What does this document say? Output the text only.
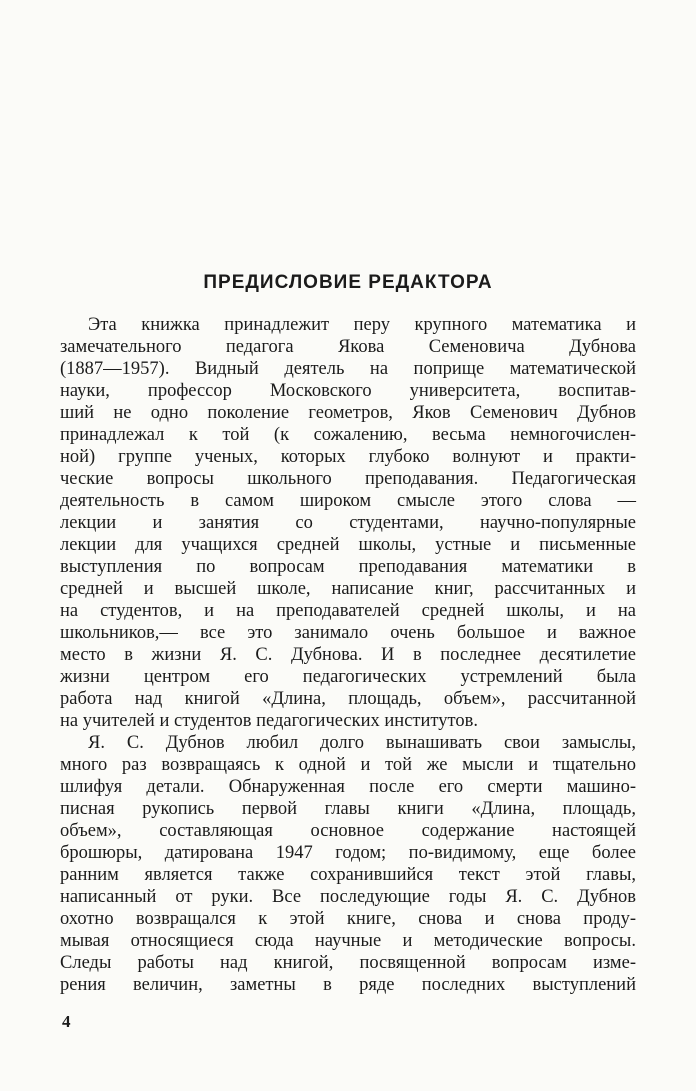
ПРЕДИСЛОВИЕ РЕДАКТОРА
Эта книжка принадлежит перу крупного математика и
замечательного педагога Якова Семеновича Дубнова
(1887—1957). Видный деятель на поприще математической
науки, профессор Московского университета, воспитав-
ший не одно поколение геометров, Яков Семенович Дубнов
принадлежал к той (к сожалению, весьма немногочислен-
ной) группе ученых, которых глубоко волнуют и практи-
ческие вопросы школьного преподавания. Педагогическая
деятельность в самом широком смысле этого слова —
лекции и занятия со студентами, научно-популярные
лекции для учащихся средней школы, устные и письменные
выступления по вопросам преподавания математики в
средней и высшей школе, написание книг, рассчитанных и
на студентов, и на преподавателей средней школы, и на
школьников,— все это занимало очень большое и важное
место в жизни Я. С. Дубнова. И в последнее десятилетие
жизни центром его педагогических устремлений была
работа над книгой «Длина, площадь, объем», рассчитанной
на учителей и студентов педагогических институтов.
Я. С. Дубнов любил долго вынашивать свои замыслы,
много раз возвращаясь к одной и той же мысли и тщательно
шлифуя детали. Обнаруженная после его смерти машино-
писная рукопись первой главы книги «Длина, площадь,
объем», составляющая основное содержание настоящей
брошюры, датирована 1947 годом; по-видимому, еще более
ранним является также сохранившийся текст этой главы,
написанный от руки. Все последующие годы Я. С. Дубнов
охотно возвращался к этой книге, снова и снова проду-
мывая относящиеся сюда научные и методические вопросы.
Следы работы над книгой, посвященной вопросам изме-
рения величин, заметны в ряде последних выступлений
4
